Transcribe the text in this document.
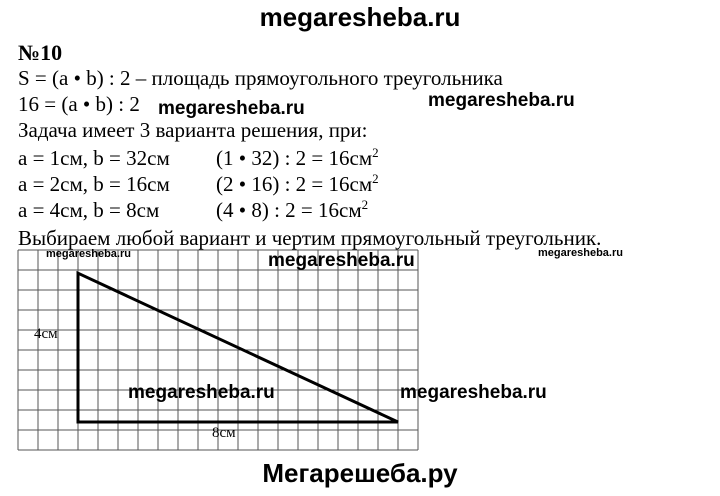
megaresheba.ru
№10
S = (a • b) : 2 – площадь прямоугольного треугольника
16 = (a • b) : 2 megaresheba.ru	megaresheba.ru
Задача имеет 3 варианта решения, при:
a = 1см, b = 32см (1 • 32) : $2 = 16см^2$
a = 2см, b = 16см (2 • 16) : $2 = 16см^2$
a = 4см, b = 8см	(4 • 8) : $2 = 16см^2$
Выбираем любой вариант и чертим прямоугольный треугольник.
megaresheba.ru	megaresheba.ru	megaresheba.ru
megaresheba.ru	megaresheba.ru
4см
8см
Мегарешеба.ру
